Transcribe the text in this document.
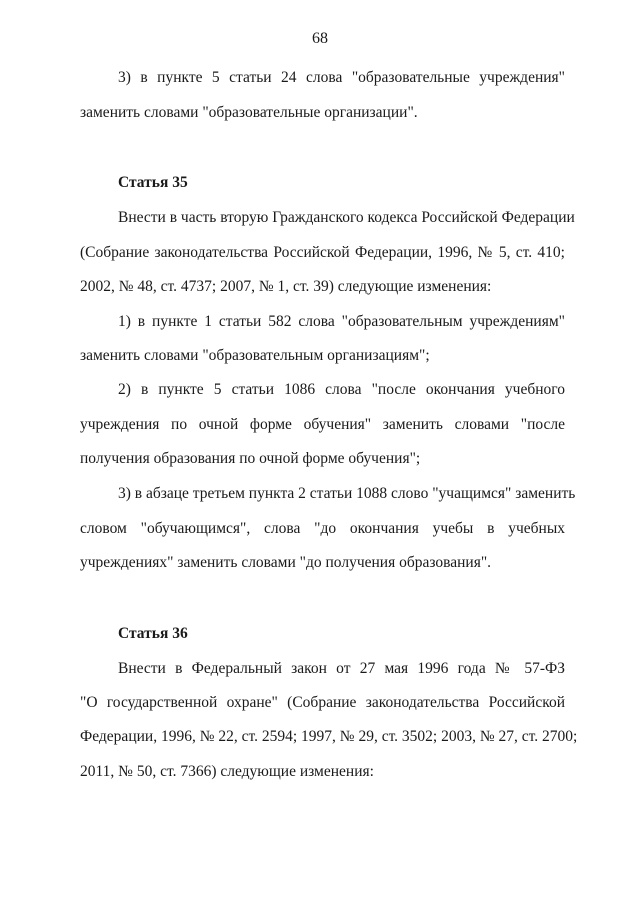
68
3) в пункте 5 статьи 24 слова "образовательные учреждения"
заменить словами "образовательные организации".
Статья 35
Внести в часть вторую Гражданского кодекса Российской Федерации
(Собрание законодательства Российской Федерации, 1996, № 5, ст. 410;
2002, № 48, ст. 4737; 2007, № 1, ст. 39) следующие изменения:
1) в пункте 1 статьи 582 слова "образовательным учреждениям"
заменить словами "образовательным организациям";
2) в пункте 5 статьи 1086 слова "после окончания учебного
учреждения по очной форме обучения" заменить словами "после
получения образования по очной форме обучения";
3) в абзаце третьем пункта 2 статьи 1088 слово "учащимся" заменить
словом "обучающимся", слова "до окончания учебы в учебных
учреждениях" заменить словами "до получения образования".
Статья 36
Внести в Федеральный закон от 27 мая 1996 года № 57-ФЗ
"О государственной охране" (Собрание законодательства Российской
Федерации, 1996, № 22, ст. 2594; 1997, № 29, ст. 3502; 2003, № 27, ст. 2700;
2011, № 50, ст. 7366) следующие изменения:
